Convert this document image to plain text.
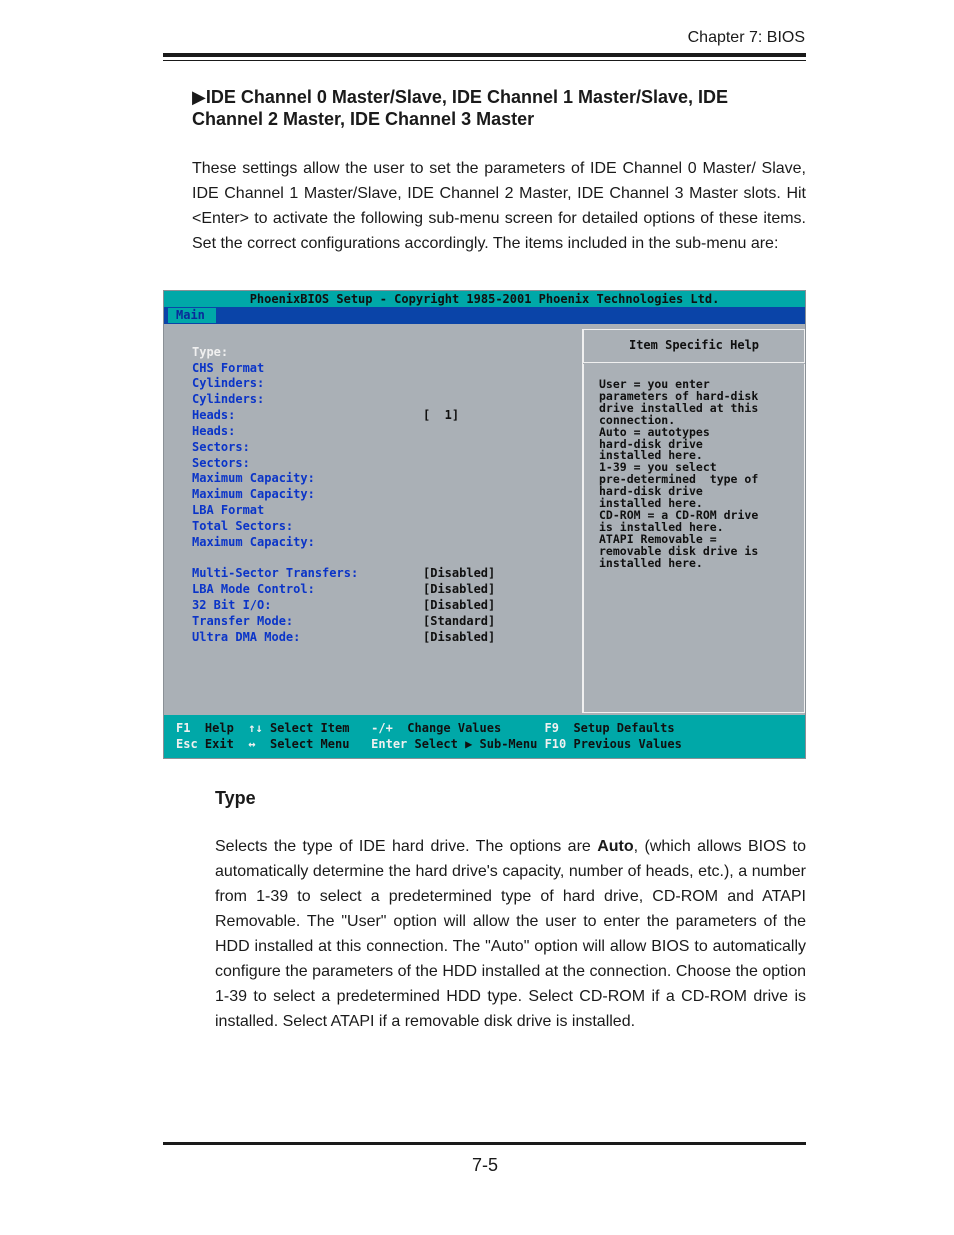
Chapter 7: BIOS
▶IDE Channel 0 Master/Slave, IDE Channel 1 Master/Slave, IDE Channel 2 Master, IDE Channel 3 Master
These settings allow the user to set the parameters of IDE Channel 0 Master/ Slave, IDE Channel 1 Master/Slave, IDE Channel 2 Master, IDE Channel 3 Master slots. Hit <Enter> to activate the following sub-menu screen for detailed options of these items. Set the correct configurations accordingly. The items included in the sub-menu are:
PhoenixBIOS Setup - Copyright 1985-2001 Phoenix Technologies Ltd.
Main
Type:
CHS Format
Cylinders:
Cylinders:
Heads:	[  1]
Heads:
Sectors:
Sectors:
Maximum Capacity:
Maximum Capacity:
LBA Format
Total Sectors:
Maximum Capacity:
Multi-Sector Transfers:	[Disabled]
LBA Mode Control:	[Disabled]
32 Bit I/O:	[Disabled]
Transfer Mode:	[Standard]
Ultra DMA Mode:	[Disabled]
Item Specific Help
User = you enter
parameters of hard-disk
drive installed at this
connection.
Auto = autotypes
hard-disk drive
installed here.
1-39 = you select
pre-determined  type of
hard-disk drive
installed here.
CD-ROM = a CD-ROM drive
is installed here.
ATAPI Removable =
removable disk drive is
installed here.
F1 Help ↑↓ Select Item -/+ Change Values	F9 Setup Defaults
Esc Exit ↔ Select Menu Enter Select ▶ Sub-Menu F10 Previous Values
Type
Selects the type of IDE hard drive. The options are Auto, (which allows BIOS to automatically determine the hard drive's capacity, number of heads, etc.), a number from 1-39 to select a predetermined type of hard drive, CD-ROM and ATAPI Removable. The "User" option will allow the user to enter the parameters of the HDD installed at this connection. The "Auto" option will allow BIOS to automatically configure the parameters of the HDD installed at the connection. Choose the option 1-39 to select a predetermined HDD type. Select CD-ROM if a CD-ROM drive is installed. Select ATAPI if a removable disk drive is installed.
7-5
